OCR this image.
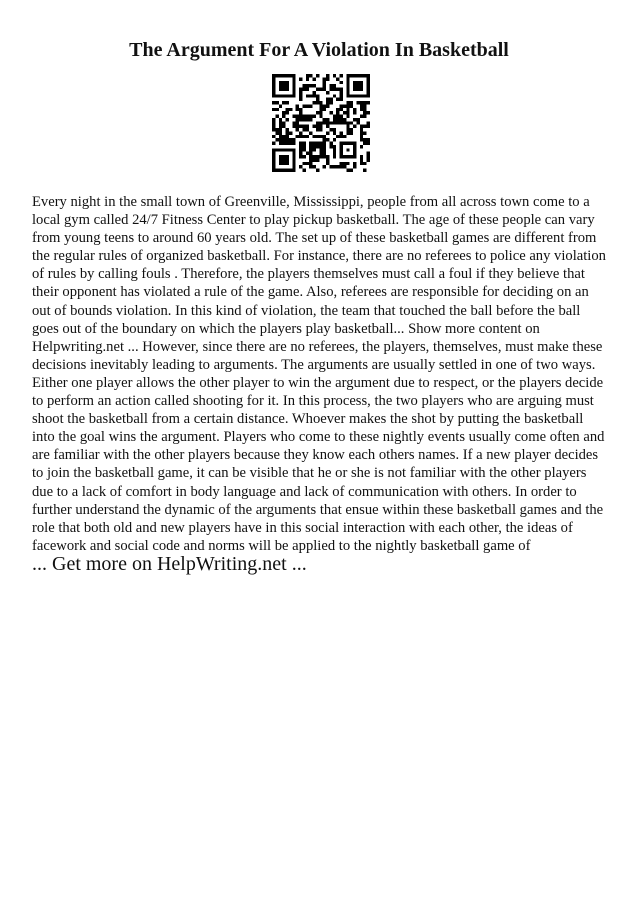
The Argument For A Violation In Basketball

Every night in the small town of Greenville, Mississippi, people from all across town come to a local gym called 24/7 Fitness Center to play pickup basketball. The age of these people can vary from young teens to around 60 years old. The set up of these basketball games are different from the regular rules of organized basketball. For instance, there are no referees to police any violation of rules by calling fouls . Therefore, the players themselves must call a foul if they believe that their opponent has violated a rule of the game. Also, referees are responsible for deciding on an out of bounds violation. In this kind of violation, the team that touched the ball before the ball goes out of the boundary on which the players play basketball... Show more content on Helpwriting.net ... However, since there are no referees, the players, themselves, must make these decisions inevitably leading to arguments. The arguments are usually settled in one of two ways. Either one player allows the other player to win the argument due to respect, or the players decide to perform an action called shooting for it. In this process, the two players who are arguing must shoot the basketball from a certain distance. Whoever makes the shot by putting the basketball into the goal wins the argument. Players who come to these nightly events usually come often and are familiar with the other players because they know each others names. If a new player decides to join the basketball game, it can be visible that he or she is not familiar with the other players due to a lack of comfort in body language and lack of communication with others. In order to further understand the dynamic of the arguments that ensue within these basketball games and the role that both old and new players have in this social interaction with each other, the ideas of facework and social code and norms will be applied to the nightly basketball game of

... Get more on HelpWriting.net ...
